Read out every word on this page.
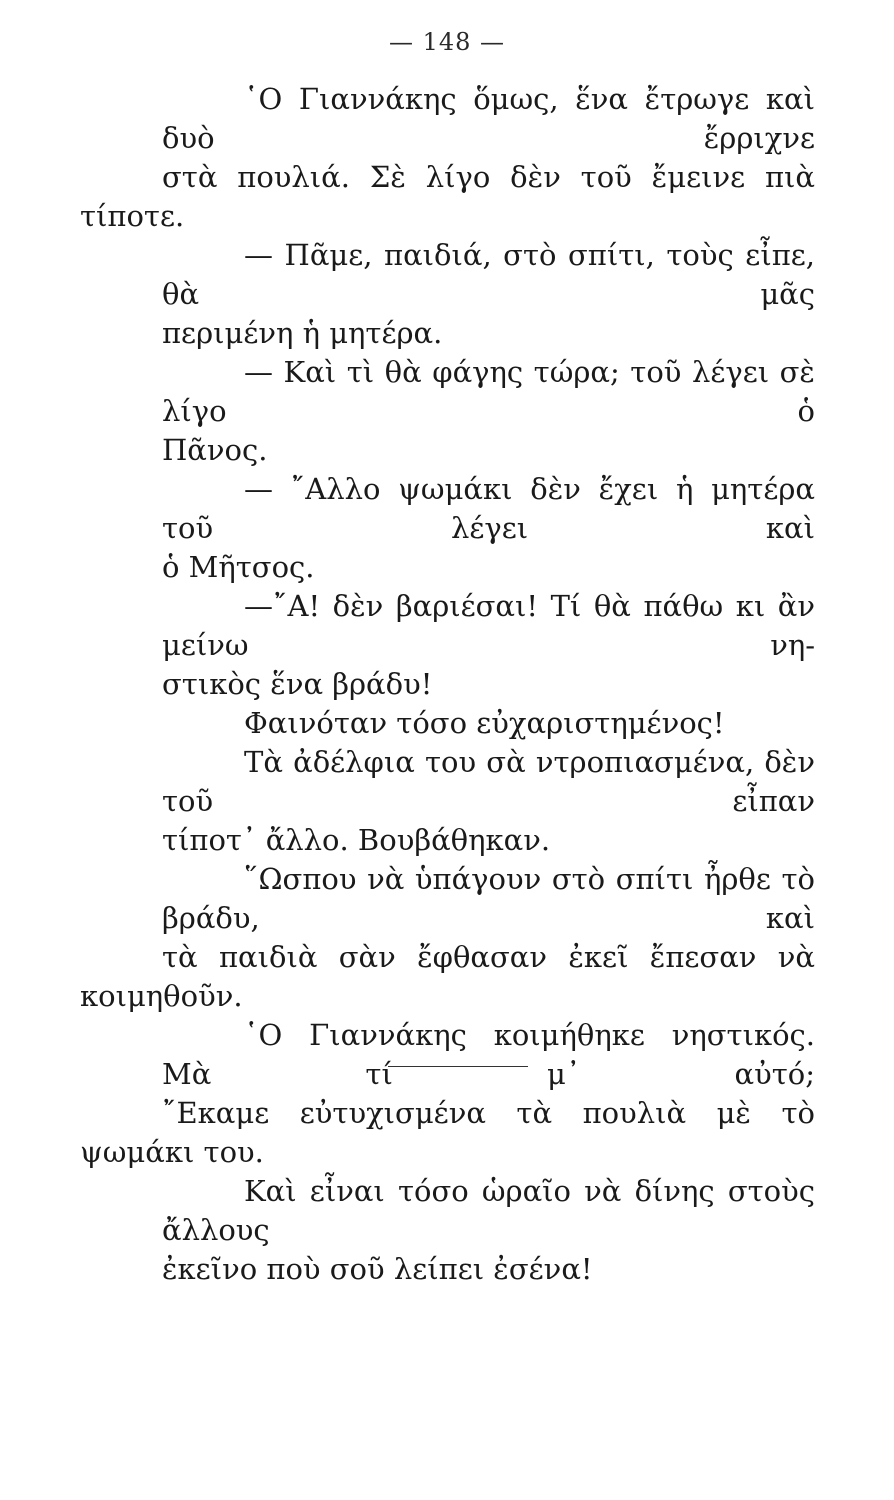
— 148 —

῾Ο Γιαννάκης ὅμως, ἕνα ἔτρωγε καὶ δυὸ ἔρριχνε
στὰ πουλιά. Σὲ λίγο δὲν τοῦ ἔμεινε πιὰ τίποτε.

— Πᾶμε, παιδιά, στὸ σπίτι, τοὺς εἶπε, θὰ μᾶς
περιμένη ἡ μητέρα.

— Καὶ τὶ θὰ φάγης τώρα; τοῦ λέγει σὲ λίγο ὁ
Πᾶνος.

— ῎Αλλο ψωμάκι δὲν ἔχει ἡ μητέρα τοῦ λέγει καὶ
ὁ Μῆτσος.

—῎Α! δὲν βαριέσαι! Τί θὰ πάθω κι ἂν μείνω νη-
στικὸς ἕνα βράδυ!

Φαινόταν τόσο εὐχαριστημένος!

Τὰ ἀδέλφια του σὰ ντροπιασμένα, δὲν τοῦ εἶπαν
τίποτ᾽ ἄλλο. Βουβάθηκαν.

῞Ωσπου νὰ ὑπάγουν στὸ σπίτι ἦρθε τὸ βράδυ, καὶ
τὰ παιδιὰ σὰν ἔφθασαν ἐκεῖ ἔπεσαν νὰ κοιμηθοῦν.

῾Ο Γιαννάκης κοιμήθηκε νηστικός. Μὰ τί μ᾽ αὐτό;
῎Εκαμε εὐτυχισμένα τὰ πουλιὰ μὲ τὸ ψωμάκι του.

Καὶ εἶναι τόσο ὡραῖο νὰ δίνης στοὺς ἄλλους
ἐκεῖνο ποὺ σοῦ λείπει ἐσένα!
